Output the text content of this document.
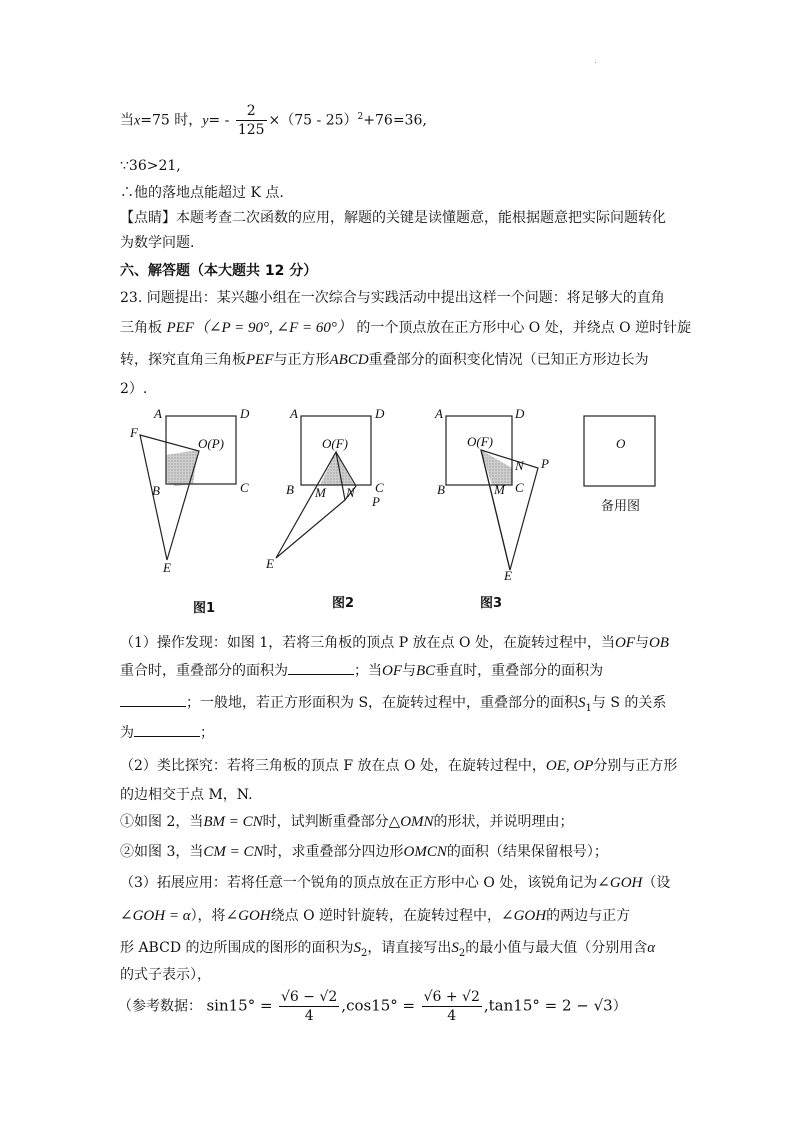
.
当x=75 时，$y= - \frac{2}{125} \times(75 - 25)^2+76=36$,
∵36>21,
∴他的落地点能超过 K 点.
【点睛】本题考查二次函数的应用，解题的关键是读懂题意，能根据题意把实际问题转化
为数学问题.
六、解答题（本大题共 12 分）
23. 问题提出：某兴趣小组在一次综合与实践活动中提出这样一个问题：将足够大的直角
三角板 PEF（∠P = 90°, ∠F = 60°） 的一个顶点放在正方形中心 O 处，并绕点 O 逆时针旋
转，探究直角三角板PEF与正方形ABCD重叠部分的面积变化情况（已知正方形边长为
2）.
A	D
F
O(P)
B	C
E
A	D
O(F)
B M N C
P
E
A	D
O(F)
N P
B	M C
E
O
图1	图2	图3
备用图
（1）操作发现：如图 1，若将三角板的顶点 P 放在点 O 处，在旋转过程中，当OF与OB
重合时，重叠部分的面积为	；当OF与BC垂直时，重叠部分的面积为
；一般地，若正方形面积为 S，在旋转过程中，重叠部分的面积$S_1$与 S 的关系
为	；
（2）类比探究：若将三角板的顶点 F 放在点 O 处，在旋转过程中，OE, OP分别与正方形
的边相交于点 M，N.
①如图 2，当BM = CN时，试判断重叠部分△OMN的形状，并说明理由；
②如图 3，当CM = CN时，求重叠部分四边形OMCN的面积（结果保留根号）；
（3）拓展应用：若将任意一个锐角的顶点放在正方形中心 O 处，该锐角记为∠GOH（设
∠GOH = α），将∠GOH绕点 O 逆时针旋转，在旋转过程中，∠GOH的两边与正方
形 ABCD 的边所围成的图形的面积为$S_2$，请直接写出$S_2$的最小值与最大值（分别用含α
的式子表示），
（参考数据： $\sin 15^\circ = \frac{√6 - √2}{4} ,\cos 15^\circ = \frac{√6 + √2}{4} ,\tan 15^\circ = 2 - √3$）
